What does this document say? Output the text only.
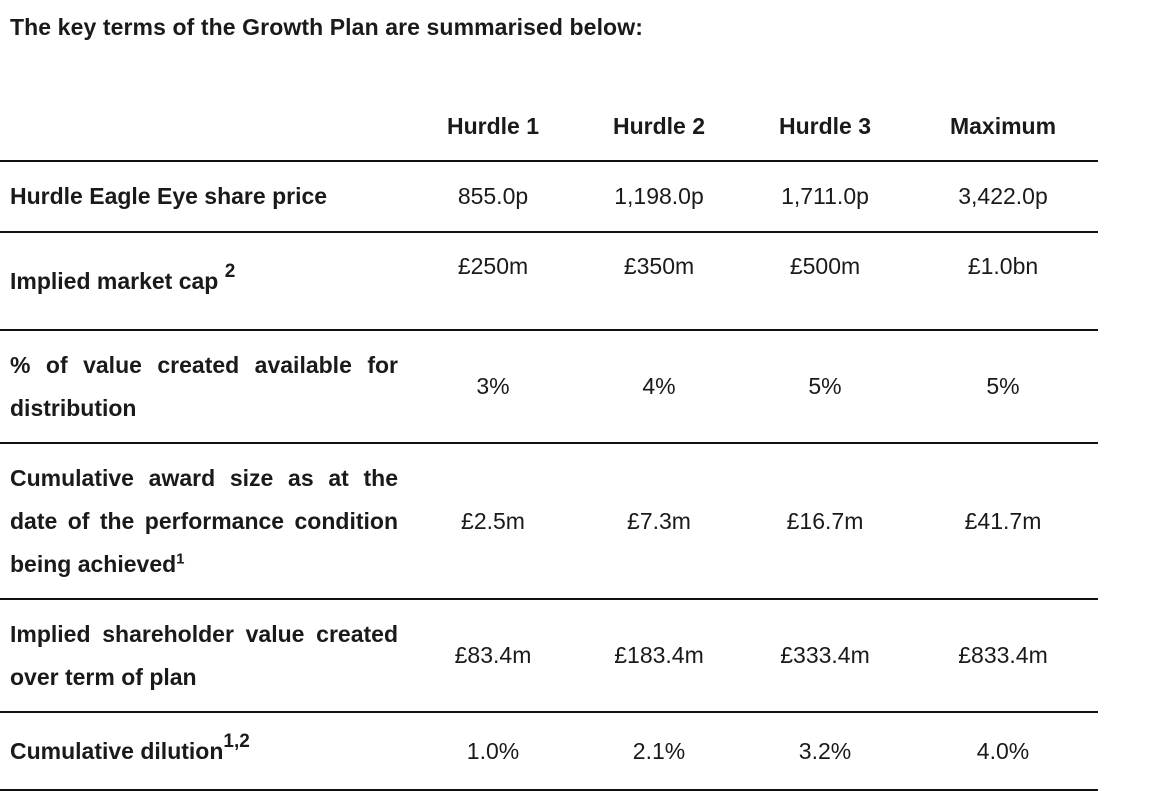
The key terms of the Growth Plan are summarised below:
	Hurdle 1	Hurdle 2	Hurdle 3	Maximum
Hurdle Eagle Eye share price	855.0p	1,198.0p	1,711.0p	3,422.0p
Implied market cap $^2$	£250m	£350m	£500m	£1.0bn
% of value created available for distribution	3%	4%	5%	5%
Cumulative award size as at the date of the performance condition being achieved$^1$	£2.5m	£7.3m	£16.7m	£41.7m
Implied shareholder value created over term of plan	£83.4m	£183.4m	£333.4m	£833.4m
Cumulative dilution$^{1,2}$	1.0%	2.1%	3.2%	4.0%
